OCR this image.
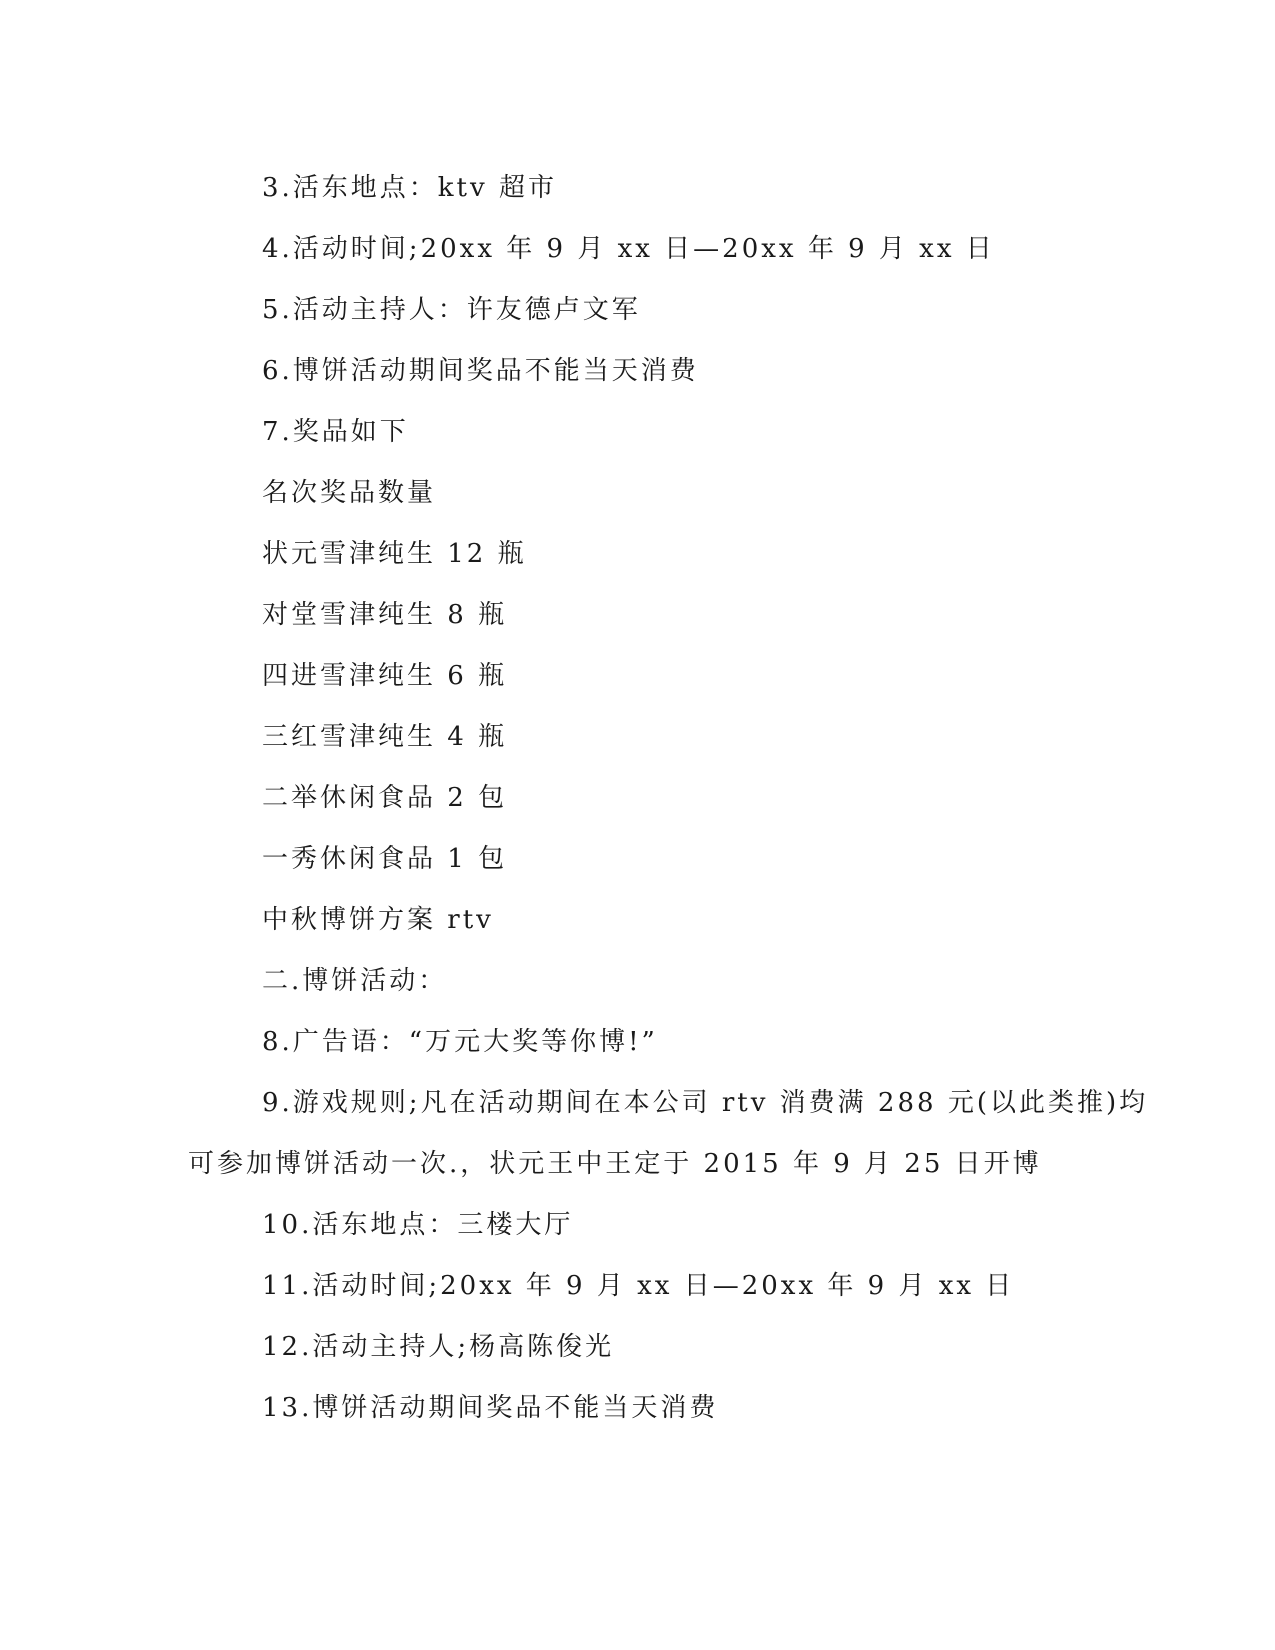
3.活东地点：ktv 超市
4.活动时间;20xx 年 9 月 xx 日—20xx 年 9 月 xx 日
5.活动主持人：许友德卢文军
6.博饼活动期间奖品不能当天消费
7.奖品如下
名次奖品数量
状元雪津纯生 12 瓶
对堂雪津纯生 8 瓶
四进雪津纯生 6 瓶
三红雪津纯生 4 瓶
二举休闲食品 2 包
一秀休闲食品 1 包
中秋博饼方案 rtv
二.博饼活动：
8.广告语：“万元大奖等你博!”
9.游戏规则;凡在活动期间在本公司 rtv 消费满 288 元(以此类推)均
可参加博饼活动一次.，状元王中王定于 2015 年 9 月 25 日开博
10.活东地点：三楼大厅
11.活动时间;20xx 年 9 月 xx 日—20xx 年 9 月 xx 日
12.活动主持人;杨高陈俊光
13.博饼活动期间奖品不能当天消费
